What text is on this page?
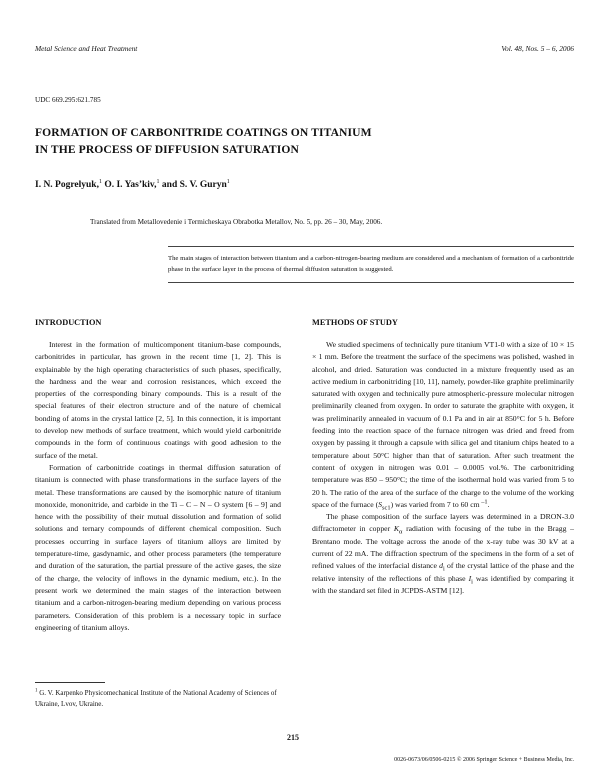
Metal Science and Heat Treatment	Vol. 48, Nos. 5 – 6, 2006
UDC 669.295:621.785
FORMATION OF CARBONITRIDE COATINGS ON TITANIUM
IN THE PROCESS OF DIFFUSION SATURATION
I. N. Pogrelyuk,$^1$ O. I. Yas’kiv,$^1$ and S. V. Guryn$^1$
Translated from Metallovedenie i Termicheskaya Obrabotka Metallov, No. 5, pp. 26 – 30, May, 2006.
The main stages of interaction between titanium and a carbon-nitrogen-bearing medium are considered and a mechanism of formation of a carbonitride phase in the surface layer in the process of thermal diffusion saturation is suggested.
INTRODUCTION	METHODS OF STUDY

Interest in the formation of multicomponent titanium-base compounds, carbonitrides in particular, has grown in the recent time [1, 2]. This is explainable by the high operating characteristics of such phases, specifically, the hardness and the wear and corrosion resistances, which exceed the properties of the corresponding binary compounds. This is a result of the special features of their electron structure and of the nature of chemical bonding of atoms in the crystal lattice [2, 5]. In this connection, it is important to develop new methods of surface treatment, which would yield carbonitride compounds in the form of continuous coatings with good adhesion to the surface of the metal.

Formation of carbonitride coatings in thermal diffusion saturation of titanium is connected with phase transformations in the surface layers of the metal. These transformations are caused by the isomorphic nature of titanium monoxide, mononitride, and carbide in the Ti – C – N – O system [6 – 9] and hence with the possibility of their mutual dissolution and formation of solid solutions and ternary compounds of different chemical composition. Such processes occurring in surface layers of titanium alloys are limited by temperature-time, gasdynamic, and other process parameters (the temperature and duration of the saturation, the partial pressure of the active gases, the size of the charge, the velocity of inflows in the dynamic medium, etc.). In the present work we determined the main stages of the interaction between titanium and a carbon-nitrogen-bearing medium depending on various process parameters. Consideration of this problem is a necessary topic in surface engineering of titanium alloys.

We studied specimens of technically pure titanium VT1-0 with a size of 10 × 15 × 1 mm. Before the treatment the surface of the specimens was polished, washed in alcohol, and dried. Saturation was conducted in a mixture frequently used as an active medium in carbonitriding [10, 11], namely, powder-like graphite preliminarily saturated with oxygen and technically pure atmospheric-pressure molecular nitrogen preliminarily cleaned from oxygen. In order to saturate the graphite with oxygen, it was preliminarily annealed in vacuum of 0.1 Pa and in air at 850°C for 5 h. Before feeding into the reaction space of the furnace nitrogen was dried and freed from oxygen by passing it through a capsule with silica gel and titanium chips heated to a temperature about 50°C higher than that of saturation. After such treatment the content of oxygen in nitrogen was 0.01 – 0.0005 vol.%. The carbonitriding temperature was 850 – 950°C; the time of the isothermal hold was varied from 5 to 20 h. The ratio of the area of the surface of the charge to the volume of the working space of the furnace $(S_{sc1})$ was varied from 7 to 60 cm $^{-1}$.

The phase composition of the surface layers was determined in a DRON-3.0 diffractometer in copper $K_\alpha$ radiation with focusing of the tube in the Bragg – Brentano mode. The voltage across the anode of the x-ray tube was 30 kV at a current of 22 mA. The diffraction spectrum of the specimens in the form of a set of refined values of the interfacial distance $d_i$ of the crystal lattice of the phase and the relative intensity of the reflections of this phase $I_i$ was identified by comparing it with the standard set filed in JCPDS-ASTM [12].

$^1$ G. V. Karpenko Physicomechanical Institute of the National Academy of Sciences of Ukraine, Lvov, Ukraine.
215
0026-0673/06/0506-0215 © 2006 Springer Science + Business Media, Inc.
